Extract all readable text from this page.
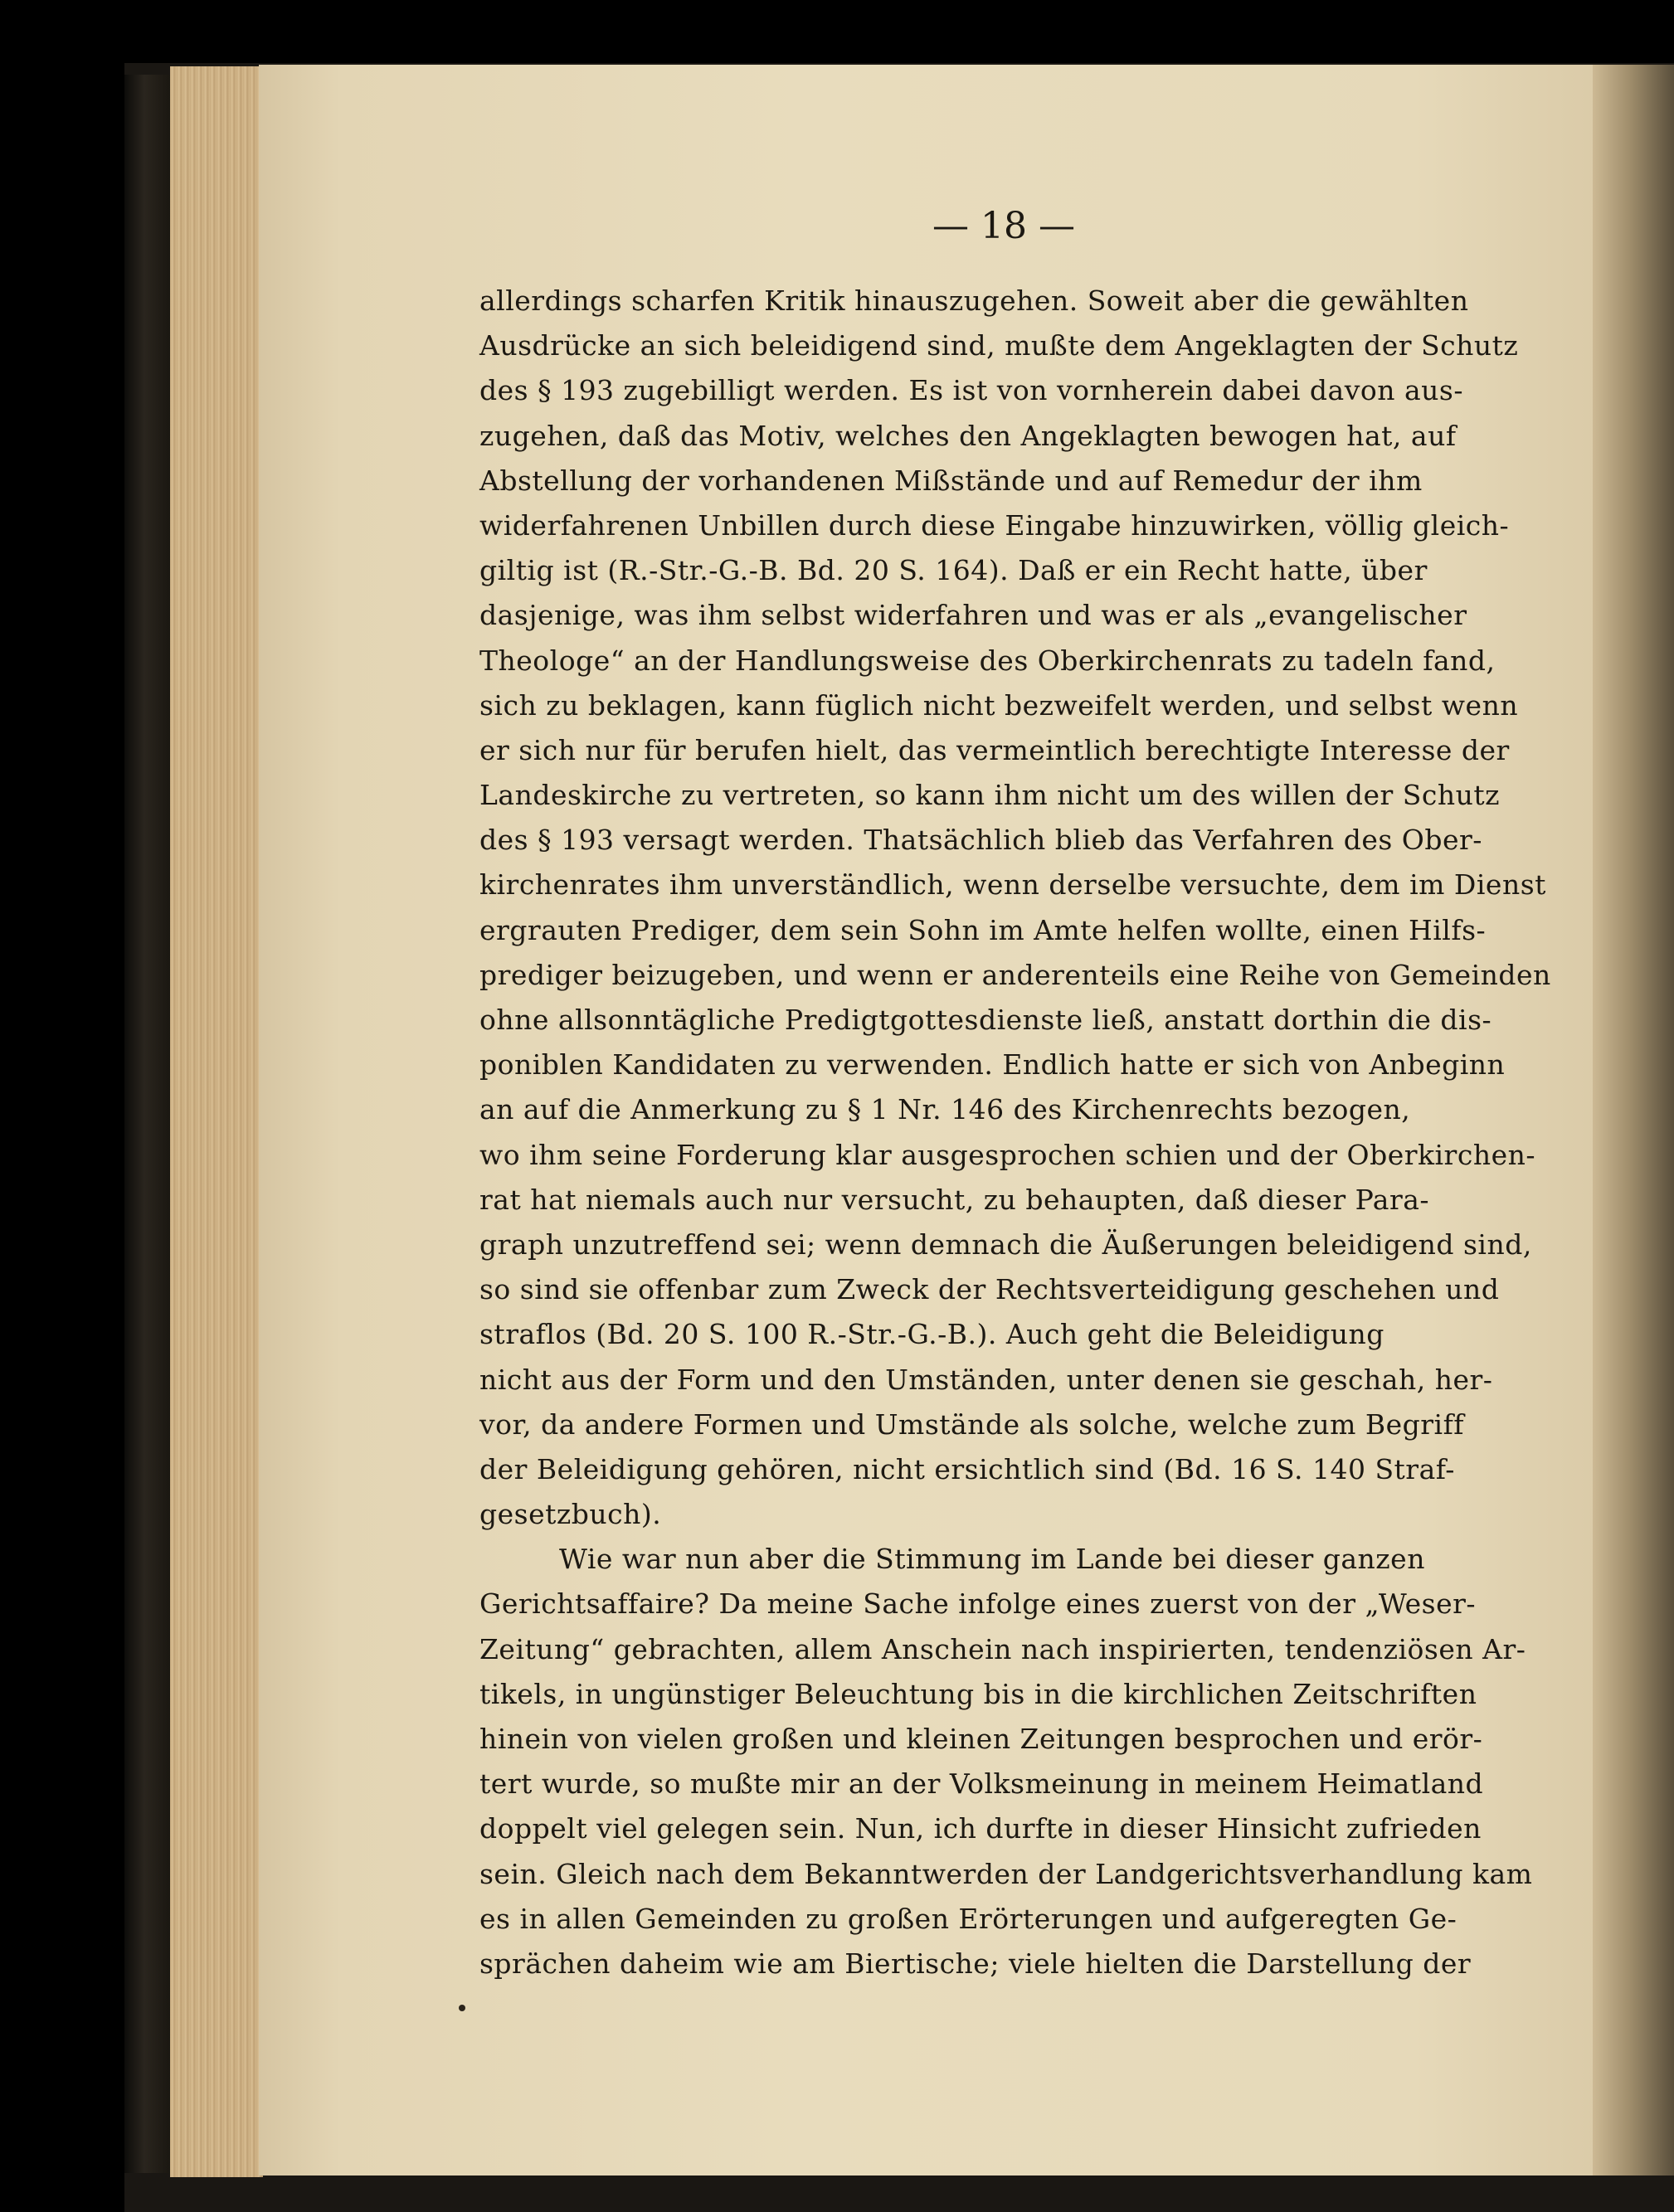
— 18 —
allerdings scharfen Kritik hinauszugehen. Soweit aber die gewählten
Ausdrücke an sich beleidigend sind, mußte dem Angeklagten der Schutz
des § 193 zugebilligt werden. Es ist von vornherein dabei davon aus-
zugehen, daß das Motiv, welches den Angeklagten bewogen hat, auf
Abstellung der vorhandenen Mißstände und auf Remedur der ihm
widerfahrenen Unbillen durch diese Eingabe hinzuwirken, völlig gleich-
giltig ist (R.-Str.-G.-B. Bd. 20 S. 164). Daß er ein Recht hatte, über
dasjenige, was ihm selbst widerfahren und was er als „evangelischer
Theologe“ an der Handlungsweise des Oberkirchenrats zu tadeln fand,
sich zu beklagen, kann füglich nicht bezweifelt werden, und selbst wenn
er sich nur für berufen hielt, das vermeintlich berechtigte Interesse der
Landeskirche zu vertreten, so kann ihm nicht um des willen der Schutz
des § 193 versagt werden. Thatsächlich blieb das Verfahren des Ober-
kirchenrates ihm unverständlich, wenn derselbe versuchte, dem im Dienst
ergrauten Prediger, dem sein Sohn im Amte helfen wollte, einen Hilfs-
prediger beizugeben, und wenn er anderenteils eine Reihe von Gemeinden
ohne allsonntägliche Predigtgottesdienste ließ, anstatt dorthin die dis-
poniblen Kandidaten zu verwenden. Endlich hatte er sich von Anbeginn
an auf die Anmerkung zu § 1 Nr. 146 des Kirchenrechts bezogen,
wo ihm seine Forderung klar ausgesprochen schien und der Oberkirchen-
rat hat niemals auch nur versucht, zu behaupten, daß dieser Para-
graph unzutreffend sei; wenn demnach die Äußerungen beleidigend sind,
so sind sie offenbar zum Zweck der Rechtsverteidigung geschehen und
straflos (Bd. 20 S. 100 R.-Str.-G.-B.). Auch geht die Beleidigung
nicht aus der Form und den Umständen, unter denen sie geschah, her-
vor, da andere Formen und Umstände als solche, welche zum Begriff
der Beleidigung gehören, nicht ersichtlich sind (Bd. 16 S. 140 Straf-
gesetzbuch).
Wie war nun aber die Stimmung im Lande bei dieser ganzen
Gerichtsaffaire? Da meine Sache infolge eines zuerst von der „Weser-
Zeitung“ gebrachten, allem Anschein nach inspirierten, tendenziösen Ar-
tikels, in ungünstiger Beleuchtung bis in die kirchlichen Zeitschriften
hinein von vielen großen und kleinen Zeitungen besprochen und erör-
tert wurde, so mußte mir an der Volksmeinung in meinem Heimatland
doppelt viel gelegen sein. Nun, ich durfte in dieser Hinsicht zufrieden
sein. Gleich nach dem Bekanntwerden der Landgerichtsverhandlung kam
es in allen Gemeinden zu großen Erörterungen und aufgeregten Ge-
sprächen daheim wie am Biertische; viele hielten die Darstellung der
